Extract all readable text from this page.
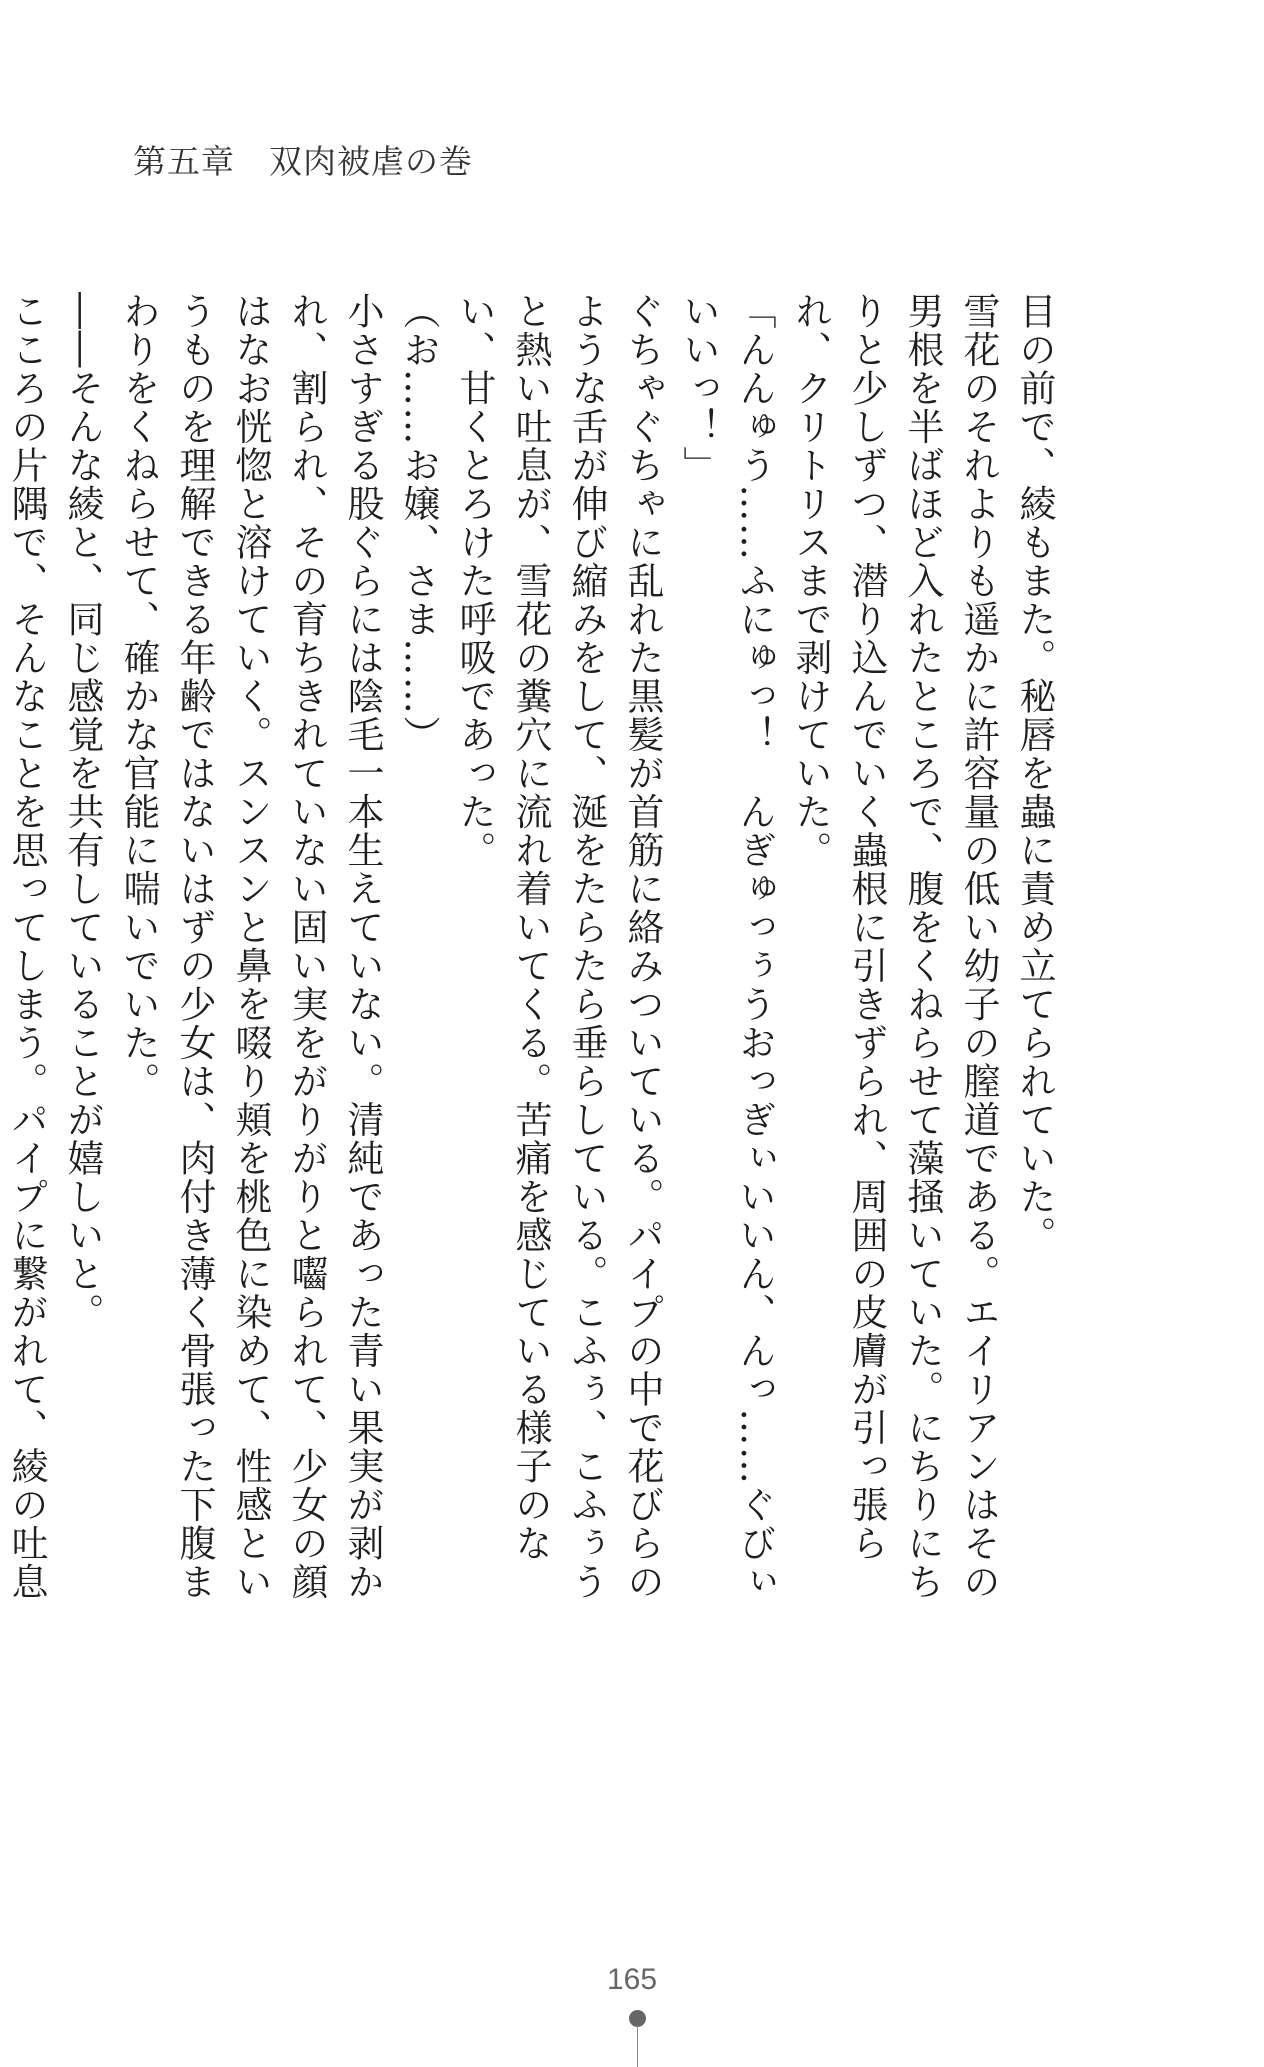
第五章　双肉被虐の巻

目の前で、綾もまた。秘唇を蟲に責め立てられていた。

雪花のそれよりも遥かに許容量の低い幼子の膣道である。エイリアンはその男根を半ばほど入れたところで、腹をくねらせて藻掻いていた。にちりにちりと少しずつ、潜り込んでいく蟲根に引きずられ、周囲の皮膚が引っ張られ、クリトリスまで剥けていた。

「んんゅう……ふにゅっ！　んぎゅっぅうおっぎぃいいん、んっ……ぐびぃいいっ！」

ぐちゃぐちゃに乱れた黒髪が首筋に絡みついている。パイプの中で花びらのような舌が伸び縮みをして、涎をたらたら垂らしている。こふぅ、こふぅうと熱い吐息が、雪花の糞穴に流れ着いてくる。苦痛を感じている様子のない、甘くとろけた呼吸であった。

（お……お嬢、さま……）

小さすぎる股ぐらには陰毛一本生えていない。清純であった青い果実が剥かれ、割られ、その育ちきれていない固い実をがりがりと囓られて、少女の顔はなお恍惚と溶けていく。スンスンと鼻を啜り頬を桃色に染めて、性感というものを理解できる年齢ではないはずの少女は、肉付き薄く骨張った下腹まわりをくねらせて、確かな官能に喘いでいた。

――そんな綾と、同じ感覚を共有していることが嬉しいと。

こころの片隅で、そんなことを思ってしまう。パイプに繋がれて、綾の吐息

165
